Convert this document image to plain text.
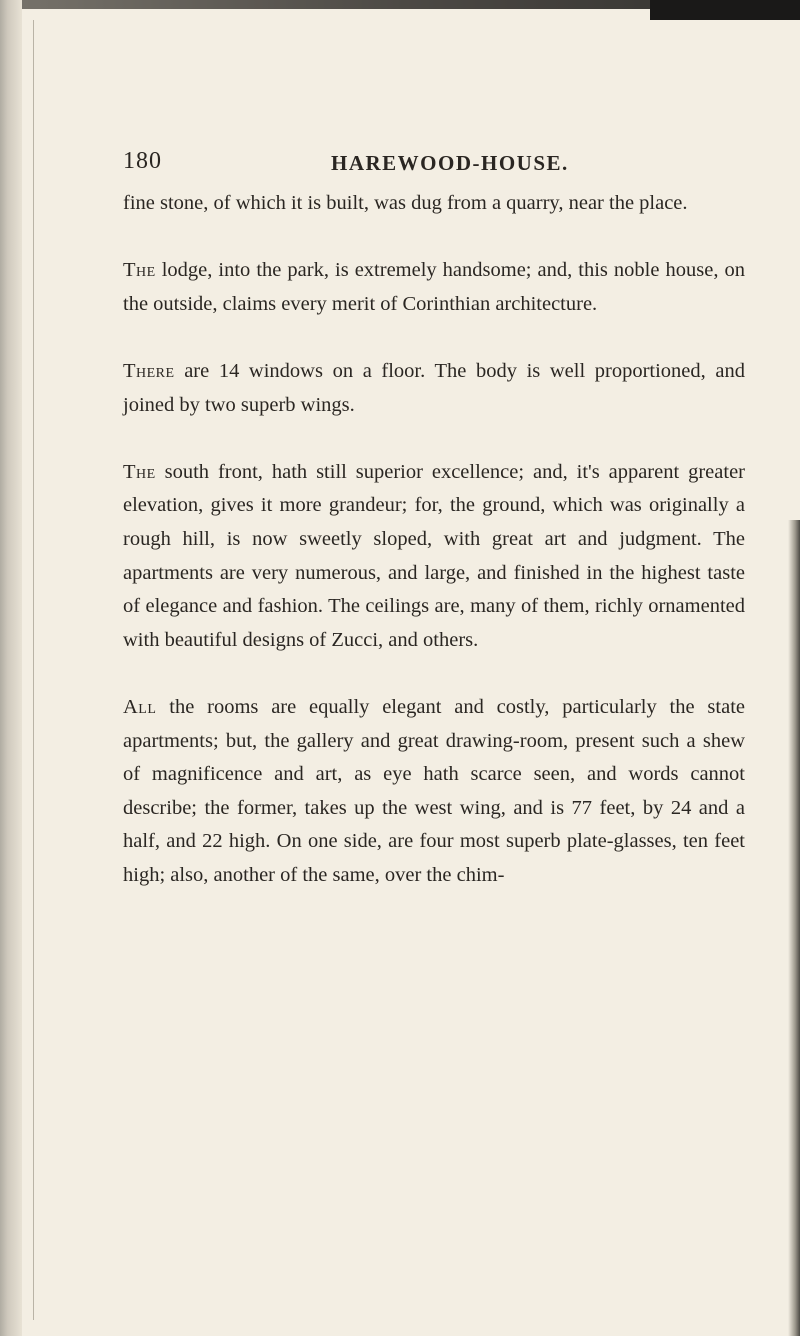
180	HAREWOOD-HOUSE.

fine stone, of which it is built, was dug from a quarry, near the place.

The lodge, into the park, is extremely handsome; and, this noble house, on the outside, claims every merit of Corinthian architecture.

There are 14 windows on a floor. The body is well proportioned, and joined by two superb wings.

The south front, hath still superior excellence; and, it's apparent greater elevation, gives it more grandeur; for, the ground, which was originally a rough hill, is now sweetly sloped, with great art and judgment. The apartments are very numerous, and large, and finished in the highest taste of elegance and fashion. The ceilings are, many of them, richly ornamented with beautiful designs of Zucci, and others.

All the rooms are equally elegant and costly, particularly the state apartments; but, the gallery and great drawing-room, present such a shew of magnificence and art, as eye hath scarce seen, and words cannot describe; the former, takes up the west wing, and is 77 feet, by 24 and a half, and 22 high. On one side, are four most superb plate-glasses, ten feet high; also, another of the same, over the chim-
